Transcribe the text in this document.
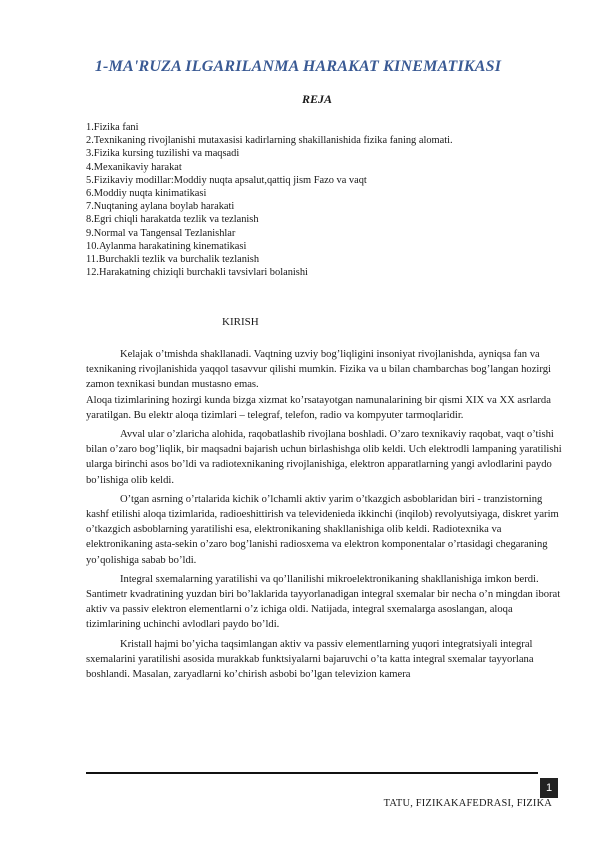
1-MA'RUZA ILGARILANMA HARAKAT KINEMATIKASI
REJA
1.Fizika fani
2.Texnikaning rivojlanishi mutaxasisi kadirlarning shakillanishida fizika faning alomati.
3.Fizika kursing tuzilishi va maqsadi
4.Mexanikaviy harakat
5.Fizikaviy modillar:Moddiy nuqta apsalut,qattiq jism Fazo va vaqt
6.Moddiy nuqta kinimatikasi
7.Nuqtaning aylana boylab harakati
8.Egri chiqli harakatda tezlik va tezlanish
9.Normal va Tangensal Tezlanishlar
10.Aylanma harakatining kinematikasi
11.Burchakli tezlik va burchalik tezlanish
12.Harakatning chiziqli burchakli tavsivlari bolanishi
KIRISH

Kelajak o’tmishda shakllanadi. Vaqtning uzviy bog’liqligini insoniyat rivojlanishda, ayniqsa fan va texnikaning rivojlanishida yaqqol tasavvur qilishi mumkin. Fizika va u bilan chambarchas bog’langan hozirgi zamon texnikasi bundan mustasno emas.

Aloqa tizimlarining hozirgi kunda bizga xizmat ko’rsatayotgan namunalarining bir qismi XIX va XX asrlarda yaratilgan. Bu elektr aloqa tizimlari – telegraf, telefon, radio va kompyuter tarmoqlaridir.

Avval ular o’zlaricha alohida, raqobatlashib rivojlana boshladi. O’zaro texnikaviy raqobat, vaqt o’tishi bilan o’zaro bog’liqlik, bir maqsadni bajarish uchun birlashishga olib keldi. Uch elektrodli lampaning yaratilishi ularga birinchi asos bo’ldi va radiotexnikaning rivojlanishiga, elektron apparatlarning yangi avlodlarini paydo bo’lishiga olib keldi.

O’tgan asrning o’rtalarida kichik o’lchamli aktiv yarim o’tkazgich asboblaridan biri - tranzistorning kashf etilishi aloqa tizimlarida, radioeshittirish va televidenieda ikkinchi (inqilob) revolyutsiyaga, diskret yarim o’tkazgich asboblarning yaratilishi esa, elektronikaning shakllanishiga olib keldi. Radiotexnika va elektronikaning asta-sekin o’zaro bog’lanishi radiosxema va elektron komponentalar o’rtasidagi chegaraning yo’qolishiga sabab bo’ldi.

Integral sxemalarning yaratilishi va qo’llanilishi mikroelektronikaning shakllanishiga imkon berdi. Santimetr kvadratining yuzdan biri bo’laklarida tayyorlanadigan integral sxemalar bir necha o’n mingdan iborat aktiv va passiv elektron elementlarni o’z ichiga oldi. Natijada, integral sxemalarga asoslangan, aloqa tizimlarining uchinchi avlodlari paydo bo’ldi.

Kristall hajmi bo’yicha taqsimlangan aktiv va passiv elementlarning yuqori integratsiyali integral sxemalarini yaratilishi asosida murakkab funktsiyalarni bajaruvchi o’ta katta integral sxemalar tayyorlana boshlandi. Masalan, zaryadlarni ko’chirish asbobi bo’lgan televizion kamera

1
TATU, FIZIKAKAFEDRASI, FIZIKA
